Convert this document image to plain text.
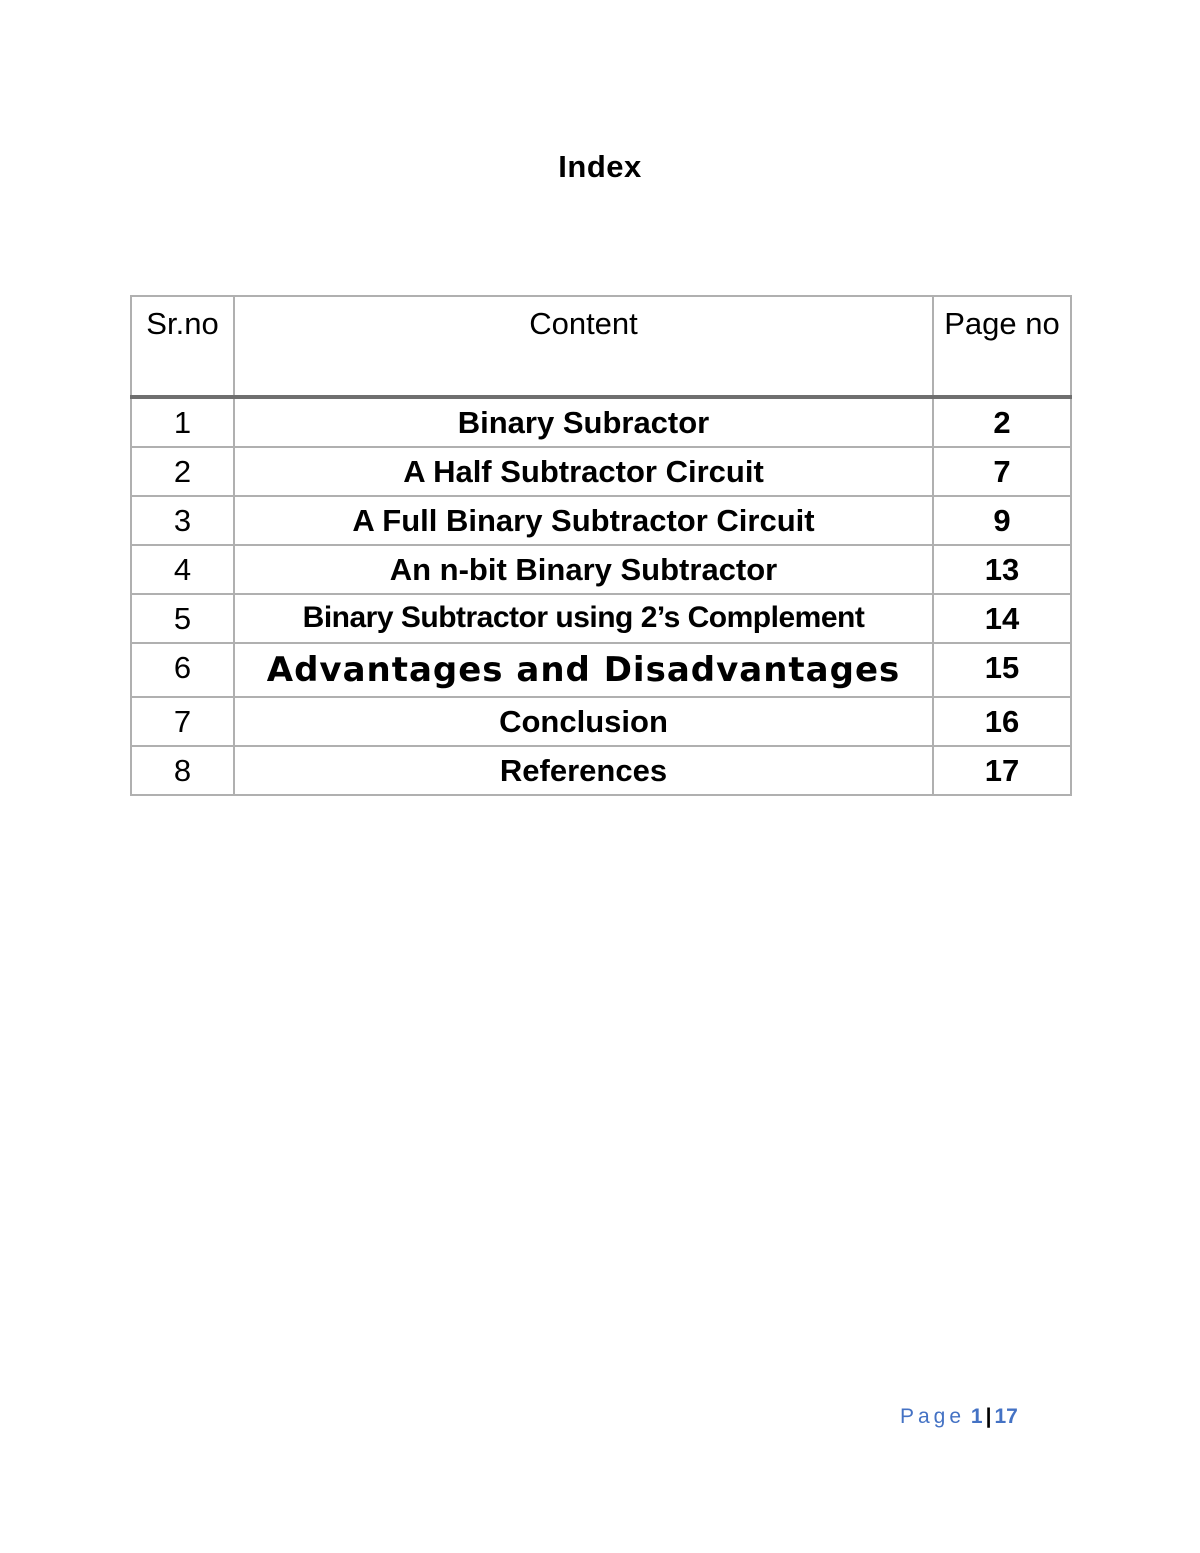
Index
Sr.no	Content	Page no
1	Binary Subractor	2
2	A Half Subtractor Circuit	7
3	A Full Binary Subtractor Circuit	9
4	An n-bit Binary Subtractor	13
5	Binary Subtractor using 2’s Complement	14
6	Advantages and Disadvantages	15
7	Conclusion	16
8	References	17
Page 1 | 17
